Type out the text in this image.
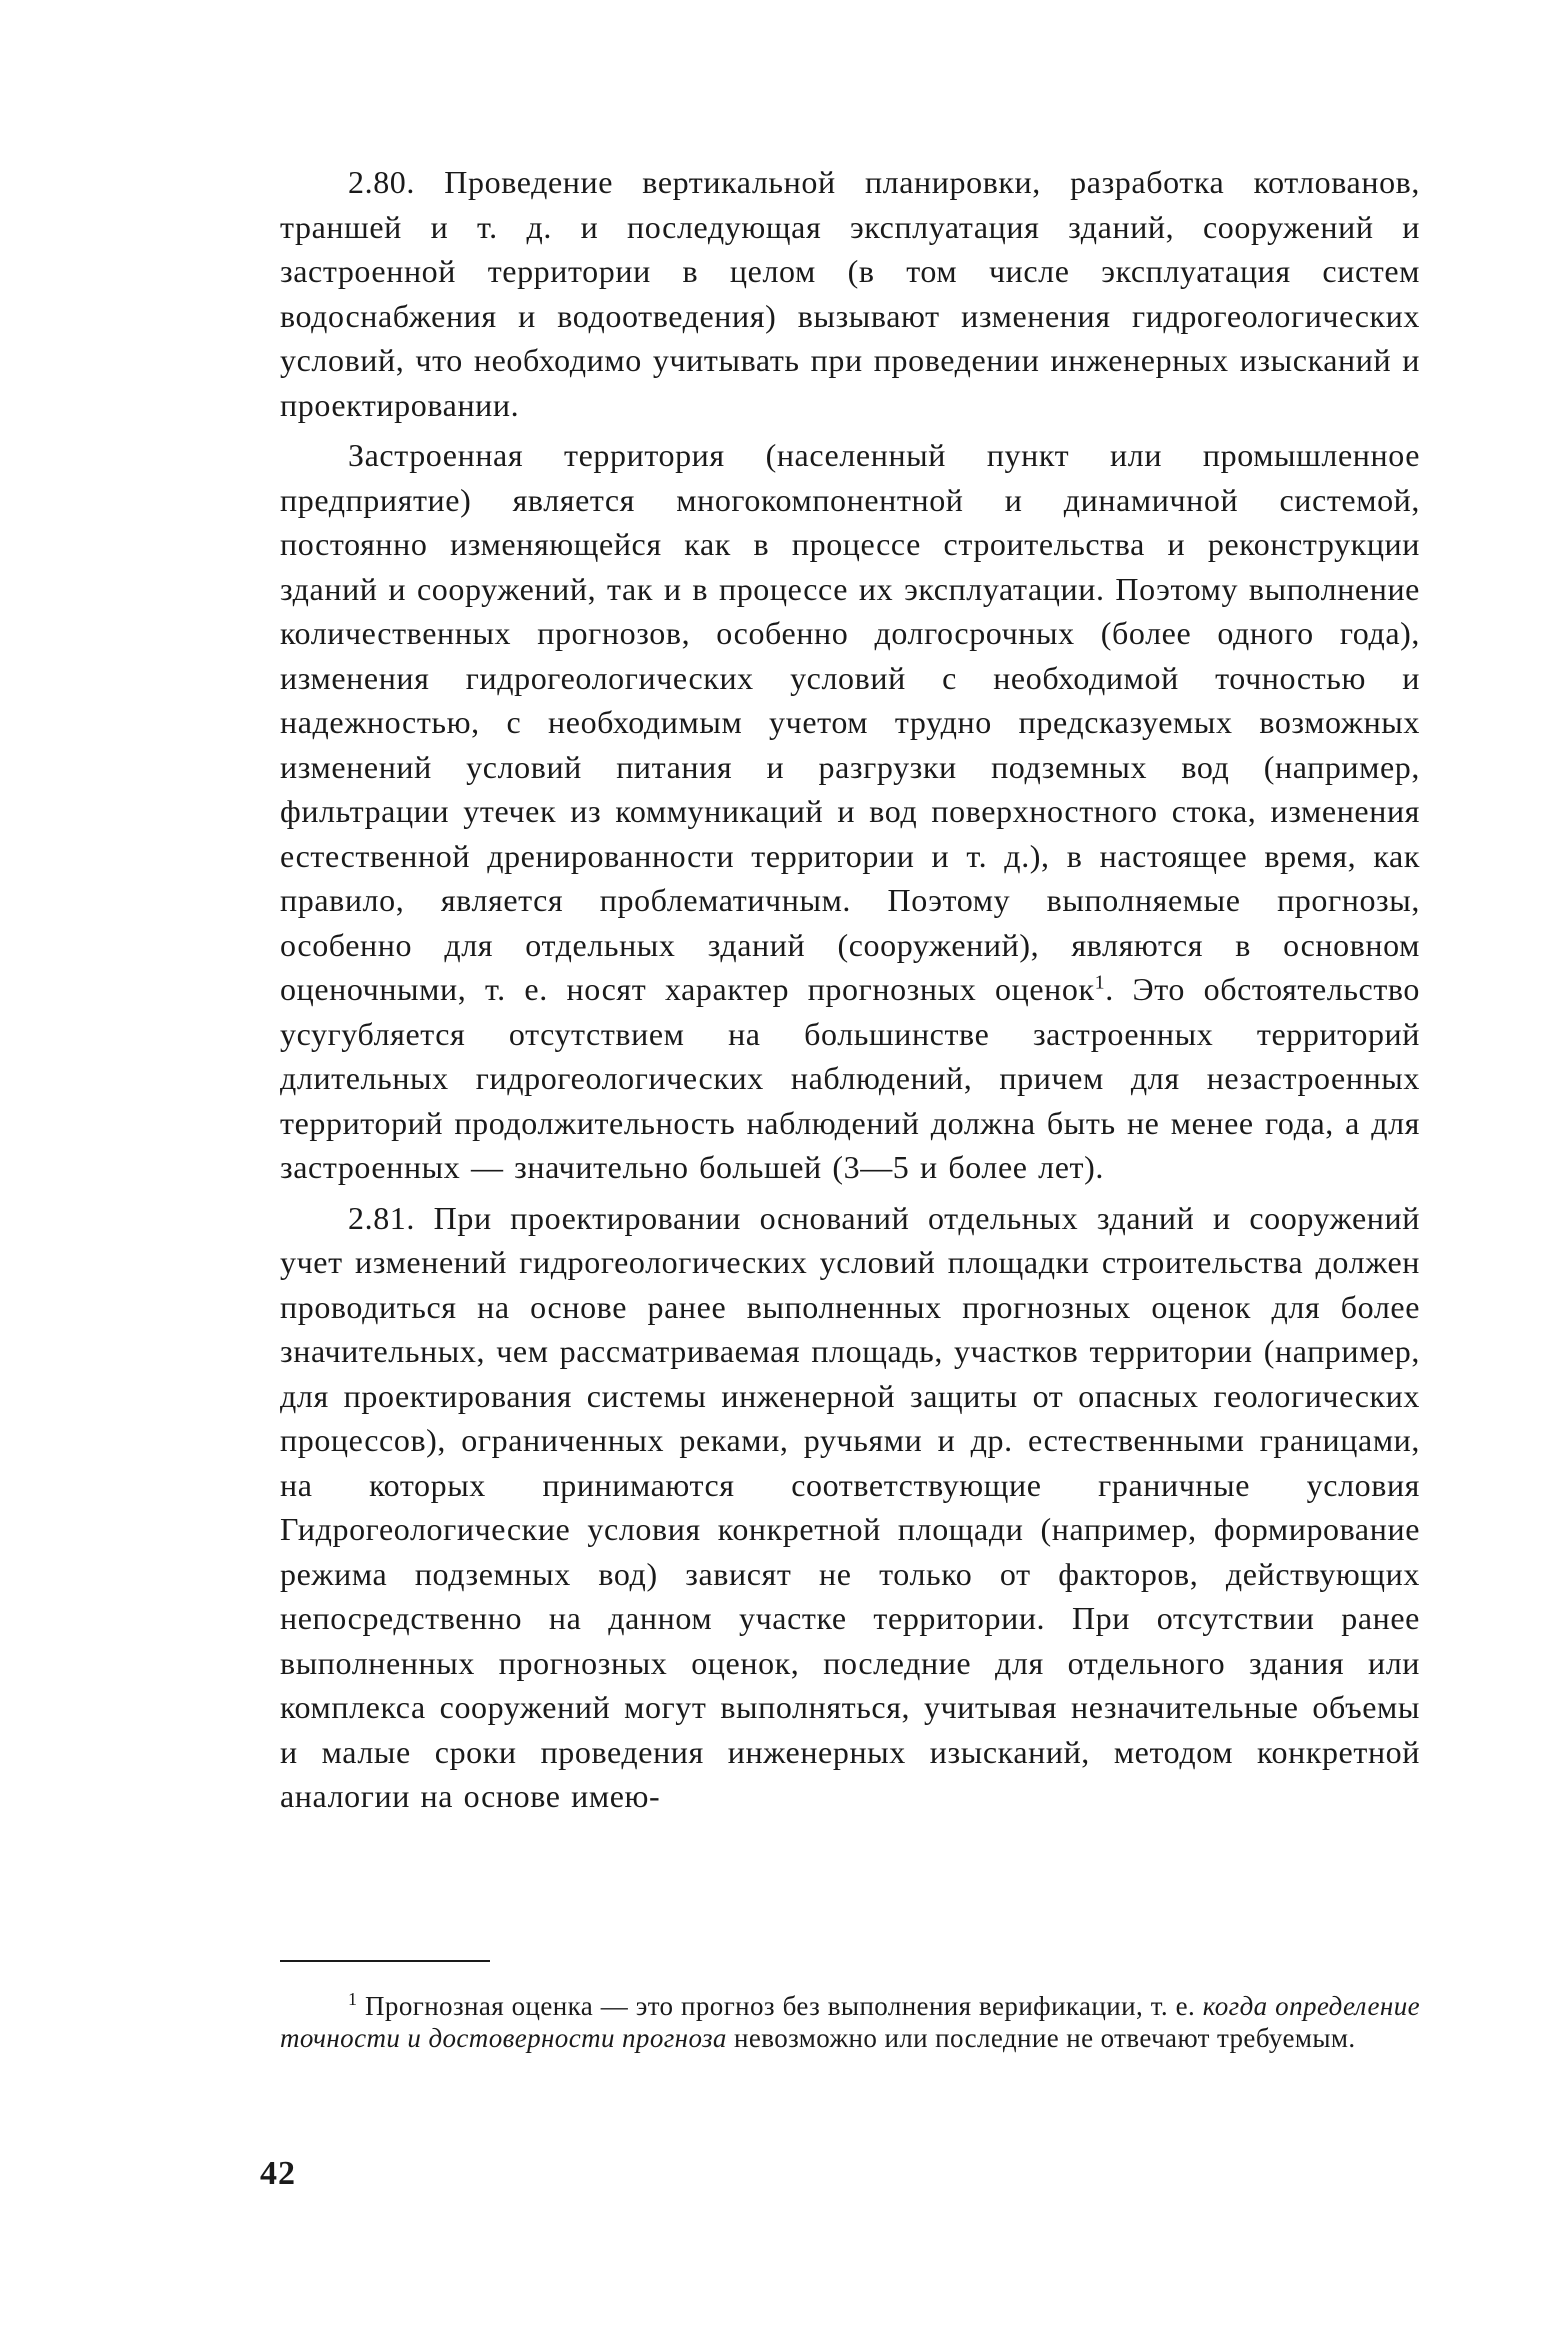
2.80. Проведение вертикальной планировки, разработка котлованов, траншей и т. д. и последующая эксплуатация зданий, сооружений и застроенной территории в целом (в том числе эксплуатация систем водоснабжения и водоотведения) вызывают изменения гидрогеологических условий, что необходимо учитывать при проведении инженерных изысканий и проектировании.

Застроенная территория (населенный пункт или промышленное предприятие) является многокомпонентной и динамичной системой, постоянно изменяющейся как в процессе строительства и реконструкции зданий и сооружений, так и в процессе их эксплуатации. Поэтому выполнение количественных прогнозов, особенно долгосрочных (более одного года), изменения гидрогеологических условий с необходимой точностью и надежностью, с необходимым учетом трудно предсказуемых возможных изменений условий питания и разгрузки подземных вод (например, фильтрации утечек из коммуникаций и вод поверхностного стока, изменения естественной дренированности территории и т. д.), в настоящее время, как правило, является проблематичным. Поэтому выполняемые прогнозы, особенно для отдельных зданий (сооружений), являются в основном оценочными, т. е. носят характер прогнозных оценок$^1$. Это обстоятельство усугубляется отсутствием на большинстве застроенных территорий длительных гидрогеологических наблюдений, причем для незастроенных территорий продолжительность наблюдений должна быть не менее года, а для застроенных — значительно большей (3—5 и более лет).

2.81. При проектировании оснований отдельных зданий и сооружений учет изменений гидрогеологических условий площадки строительства должен проводиться на основе ранее выполненных прогнозных оценок для более значительных, чем рассматриваемая площадь, участков территории (например, для проектирования системы инженерной защиты от опасных геологических процессов), ограниченных реками, ручьями и др. естественными границами, на которых принимаются соответствующие граничные условия Гидрогеологические условия конкретной площади (например, формирование режима подземных вод) зависят не только от факторов, действующих непосредственно на данном участке территории. При отсутствии ранее выполненных прогнозных оценок, последние для отдельного здания или комплекса сооружений могут выполняться, учитывая незначительные объемы и малые сроки проведения инженерных изысканий, методом конкретной аналогии на основе имею-

$^1$ Прогнозная оценка — это прогноз без выполнения верификации, т. е. когда определение точности и достоверности прогноза невозможно или последние не отвечают требуемым.

42
